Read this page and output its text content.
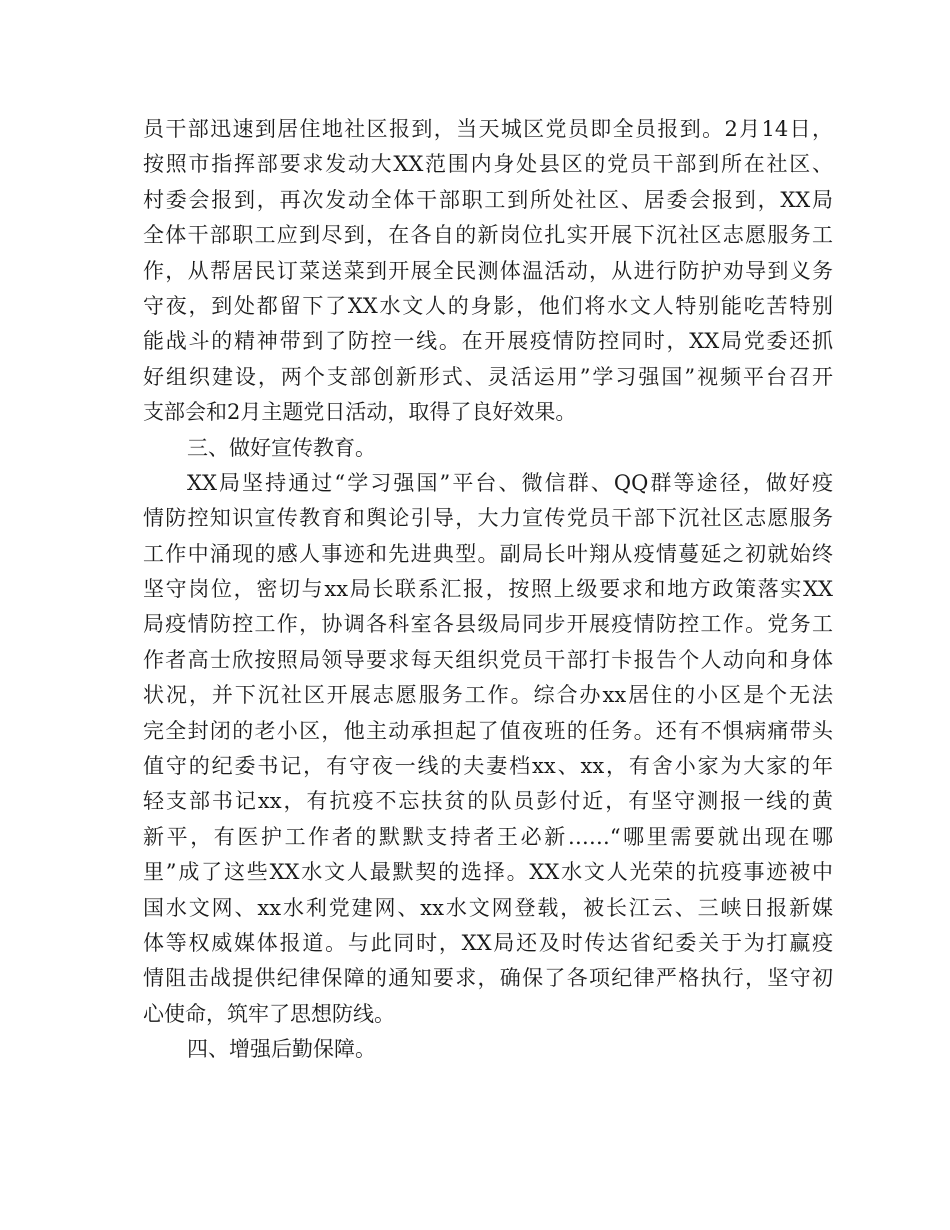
员干部迅速到居住地社区报到，当天城区党员即全员报到。2月14日，
按照市指挥部要求发动大XX范围内身处县区的党员干部到所在社区、
村委会报到，再次发动全体干部职工到所处社区、居委会报到，XX局
全体干部职工应到尽到，在各自的新岗位扎实开展下沉社区志愿服务工
作，从帮居民订菜送菜到开展全民测体温活动，从进行防护劝导到义务
守夜，到处都留下了XX水文人的身影，他们将水文人特别能吃苦特别
能战斗的精神带到了防控一线。在开展疫情防控同时，XX局党委还抓
好组织建设，两个支部创新形式、灵活运用”学习强国”视频平台召开
支部会和2月主题党日活动，取得了良好效果。
三、做好宣传教育。
XX局坚持通过“学习强国”平台、微信群、QQ群等途径，做好疫
情防控知识宣传教育和舆论引导，大力宣传党员干部下沉社区志愿服务
工作中涌现的感人事迹和先进典型。副局长叶翔从疫情蔓延之初就始终
坚守岗位，密切与xx局长联系汇报，按照上级要求和地方政策落实XX
局疫情防控工作，协调各科室各县级局同步开展疫情防控工作。党务工
作者高士欣按照局领导要求每天组织党员干部打卡报告个人动向和身体
状况，并下沉社区开展志愿服务工作。综合办xx居住的小区是个无法
完全封闭的老小区，他主动承担起了值夜班的任务。还有不惧病痛带头
值守的纪委书记，有守夜一线的夫妻档xx、xx，有舍小家为大家的年
轻支部书记xx，有抗疫不忘扶贫的队员彭付近，有坚守测报一线的黄
新平，有医护工作者的默默支持者王必新……“哪里需要就出现在哪
里”成了这些XX水文人最默契的选择。XX水文人光荣的抗疫事迹被中
国水文网、xx水利党建网、xx水文网登载，被长江云、三峡日报新媒
体等权威媒体报道。与此同时，XX局还及时传达省纪委关于为打赢疫
情阻击战提供纪律保障的通知要求，确保了各项纪律严格执行，坚守初
心使命，筑牢了思想防线。
四、增强后勤保障。
